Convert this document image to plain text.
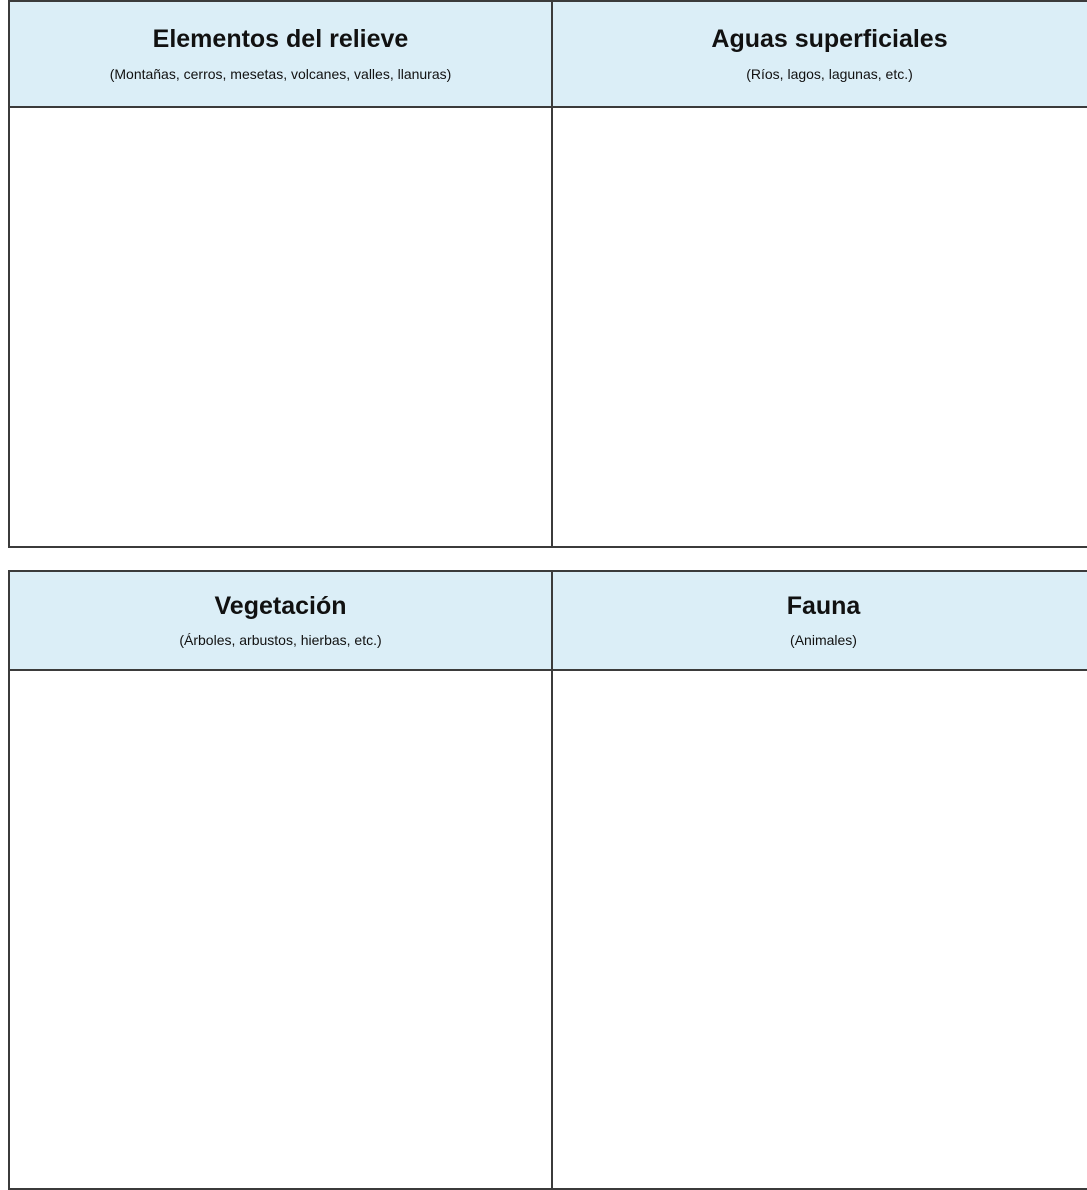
Elementos del relieve
(Montañas, cerros, mesetas, volcanes, valles, llanuras)
Aguas superficiales
(Ríos, lagos, lagunas, etc.)
Vegetación
(Árboles, arbustos, hierbas, etc.)
Fauna
(Animales)
